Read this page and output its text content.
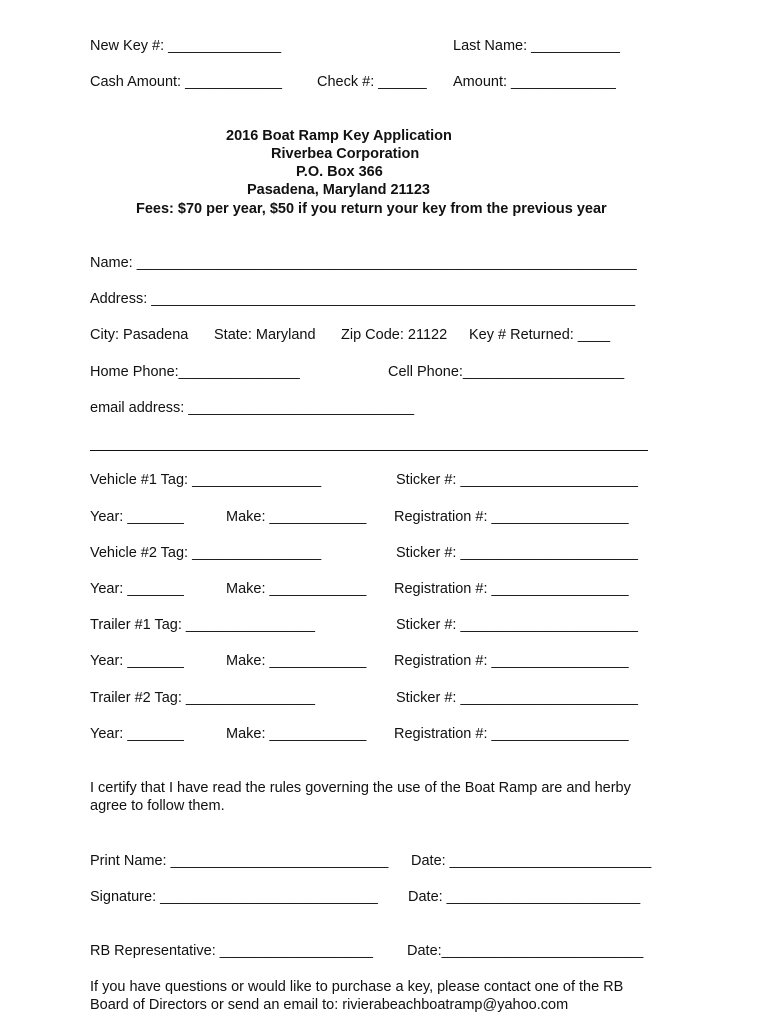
New Key #: ______________	Last Name: ___________
Cash Amount: ____________ Check #: ______ Amount: _____________
2016 Boat Ramp Key Application
Riverbea Corporation
P.O. Box 366
Pasadena, Maryland 21123
Fees: $70 per year, $50 if you return your key from the previous year
Name: ______________________________________________________________
Address: ____________________________________________________________
City: Pasadena State: Maryland Zip Code: 21122 Key # Returned: ____
Home Phone:_______________	Cell Phone:____________________
email address: ____________________________
Vehicle #1 Tag: ________________	Sticker #: ______________________
Year: _______	Make: ____________ Registration #: _________________
Vehicle #2 Tag: ________________	Sticker #: ______________________
Year: _______	Make: ____________ Registration #: _________________
Trailer #1 Tag: ________________	Sticker #: ______________________
Year: _______	Make: ____________ Registration #: _________________
Trailer #2 Tag: ________________	Sticker #: ______________________
Year: _______	Make: ____________ Registration #: _________________
I certify that I have read the rules governing the use of the Boat Ramp are and herby
agree to follow them.
Print Name: ___________________________ Date: _________________________
Signature: ___________________________ Date: ________________________
RB Representative: ___________________ Date:_________________________
If you have questions or would like to purchase a key, please contact one of the RB
Board of Directors or send an email to: rivierabeachboatramp@yahoo.com
